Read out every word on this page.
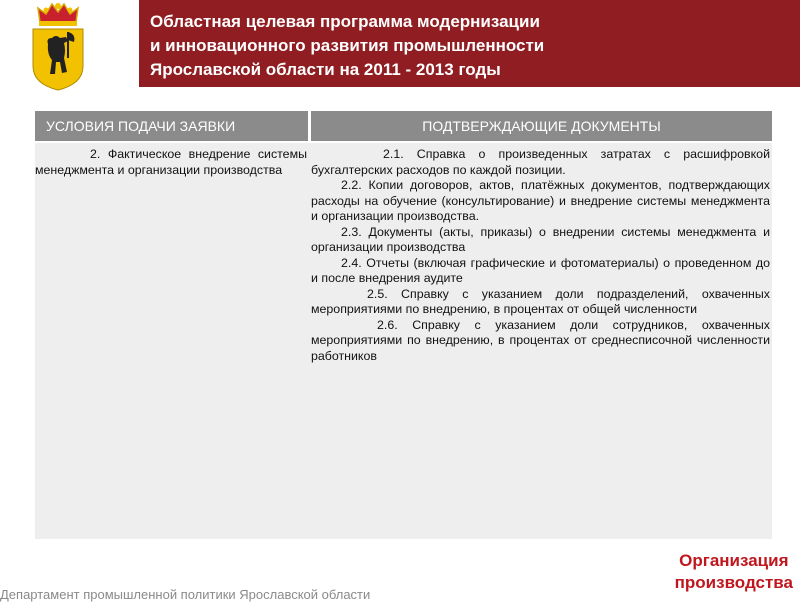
Областная целевая программа модернизации
и инновационного развития промышленности
Ярославской области на 2011 - 2013 годы
УСЛОВИЯ ПОДАЧИ ЗАЯВКИ	ПОДТВЕРЖДАЮЩИЕ ДОКУМЕНТЫ

2. Фактическое внедрение системы менеджмента и организации производства

2.1. Справка о произведенных затратах с расшифровкой бухгалтерских расходов по каждой позиции.

2.2. Копии договоров, актов, платёжных документов, подтверждающих расходы на обучение (консультирование) и внедрение системы менеджмента и организации производства.

2.3. Документы (акты, приказы) о внедрении системы менеджмента и организации производства

2.4. Отчеты (включая графические и фотоматериалы) о проведенном до и после внедрения аудите

2.5. Справку с указанием доли подразделений, охваченных мероприятиями по внедрению, в процентах от общей численности

2.6. Справку с указанием доли сотрудников, охваченных мероприятиями по внедрению, в процентах от среднесписочной численности работников

Организация
производства
Департамент промышленной политики Ярославской области
